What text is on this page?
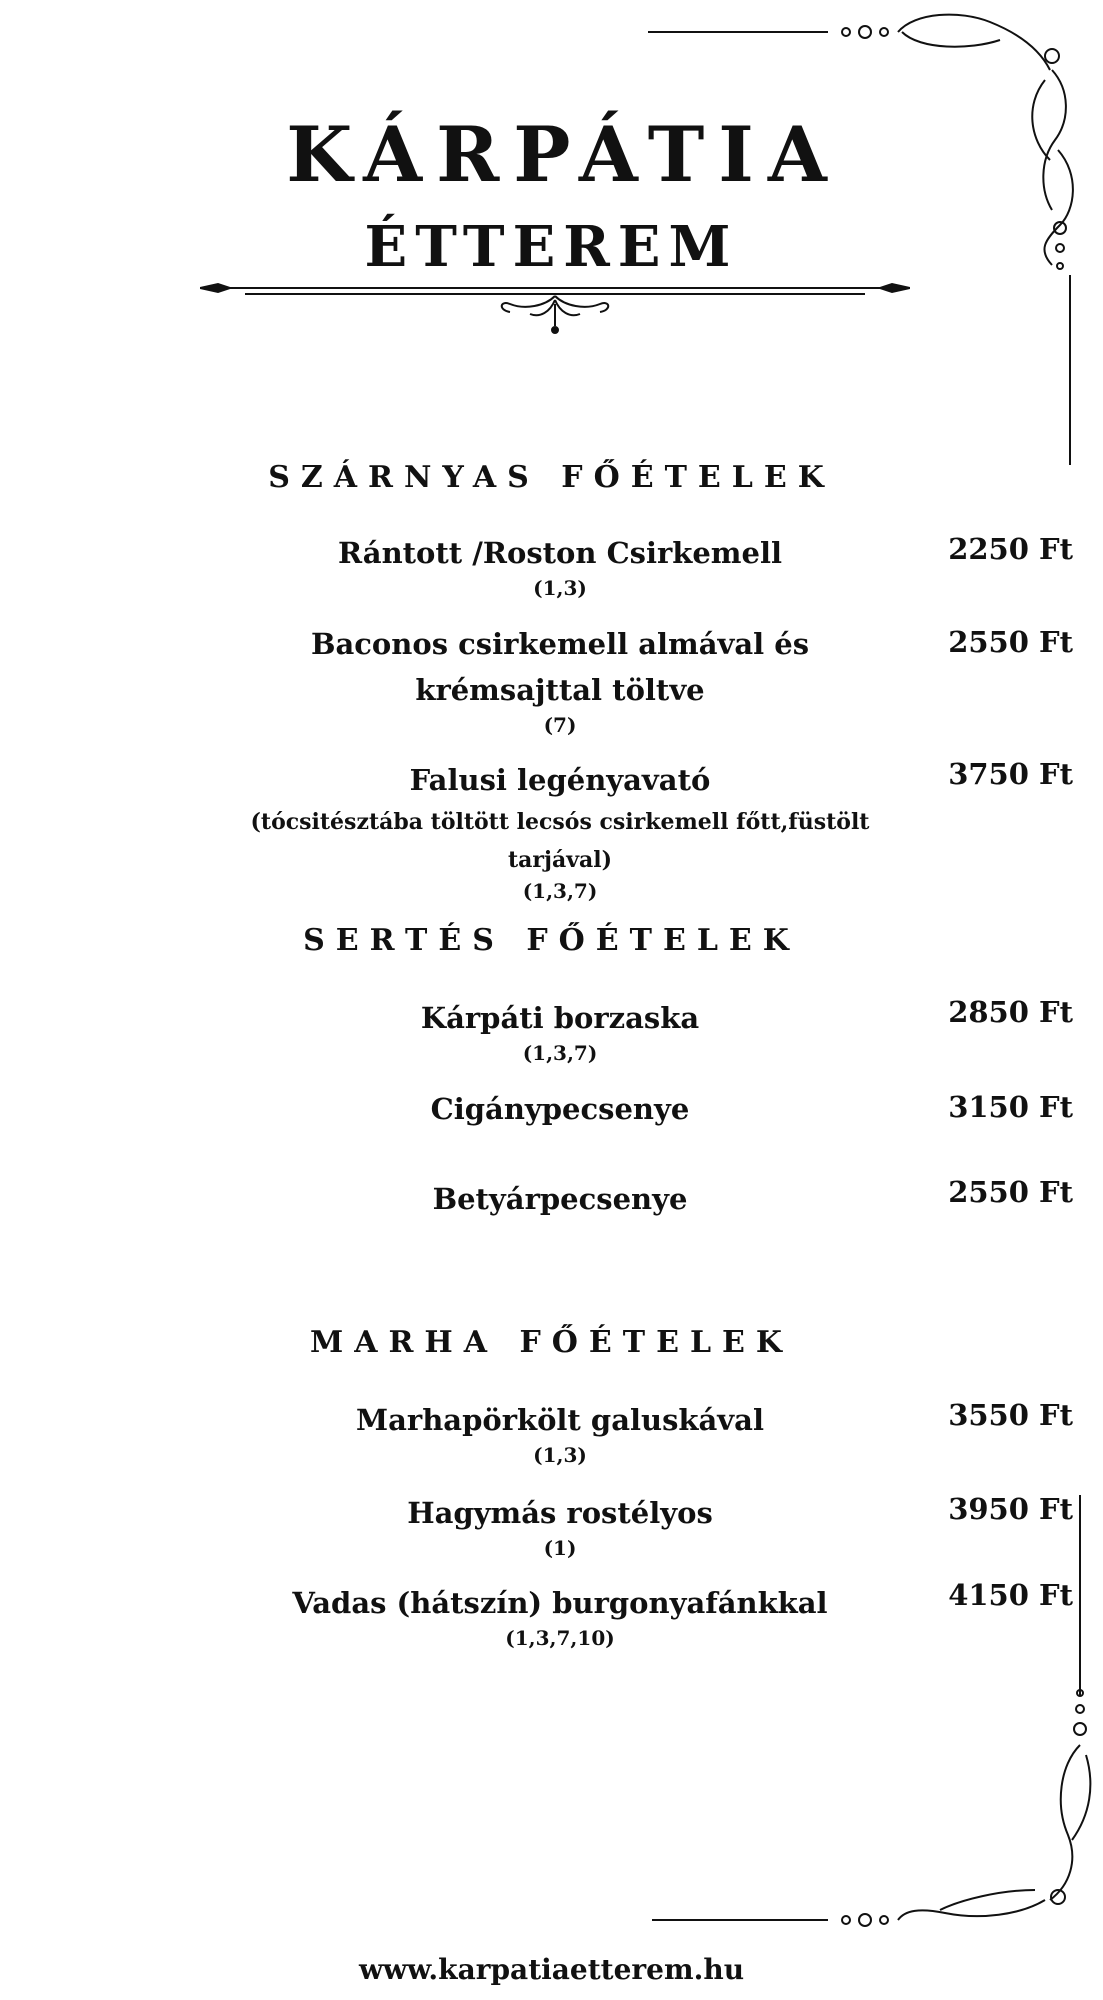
KÁRPÁTIA
ÉTTEREM
SZÁRNYAS FŐÉTELEK
Rántott /Roston Csirkemell
(1,3)
2250 Ft
Baconos csirkemell almával és krémsajttal töltve
(7)
2550 Ft
Falusi legényavató
(tócsitésztába töltött lecsós csirkemell főtt,füstölt tarjával)
(1,3,7)
3750 Ft
SERTÉS FŐÉTELEK
Kárpáti borzaska
(1,3,7)
2850 Ft
Cigánypecsenye	3150 Ft
Betyárpecsenye	2550 Ft
MARHA FŐÉTELEK
Marhapörkölt galuskával
(1,3)
3550 Ft
Hagymás rostélyos
(1)
3950 Ft
Vadas (hátszín) burgonyafánkkal
(1,3,7,10)
4150 Ft
www.karpatiaetterem.hu
